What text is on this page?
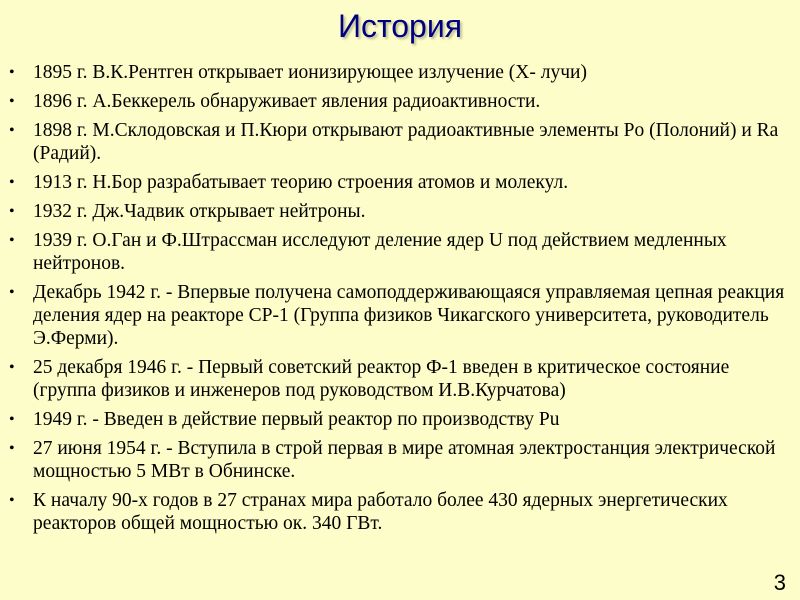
История
• 1895 г. В.К.Рентген открывает ионизирующее излучение (X- лучи)
• 1896 г. А.Беккерель обнаруживает явления радиоактивности.
• 1898 г. М.Склодовская и П.Кюри открывают радиоактивные элементы Po (Полоний) и Ra (Радий).
• 1913 г. Н.Бор разрабатывает теорию строения атомов и молекул.
• 1932 г. Дж.Чадвик открывает нейтроны.
• 1939 г. О.Ган и Ф.Штрассман исследуют деление ядер U под действием медленных нейтронов.
• Декабрь 1942 г. - Впервые получена самоподдерживающаяся управляемая цепная реакция деления ядер на реакторе CP-1 (Группа физиков Чикагского университета, руководитель Э.Ферми).
• 25 декабря 1946 г. - Первый советский реактор Ф-1 введен в критическое состояние (группа физиков и инженеров под руководством И.В.Курчатова)
• 1949 г. - Введен в действие первый реактор по производству Pu
• 27 июня 1954 г. - Вступила в строй первая в мире атомная электростанция электрической мощностью 5 МВт в Обнинске.
• К началу 90-х годов в 27 странах мира работало более 430 ядерных энергетических реакторов общей мощностью ок. 340 ГВт.
3
